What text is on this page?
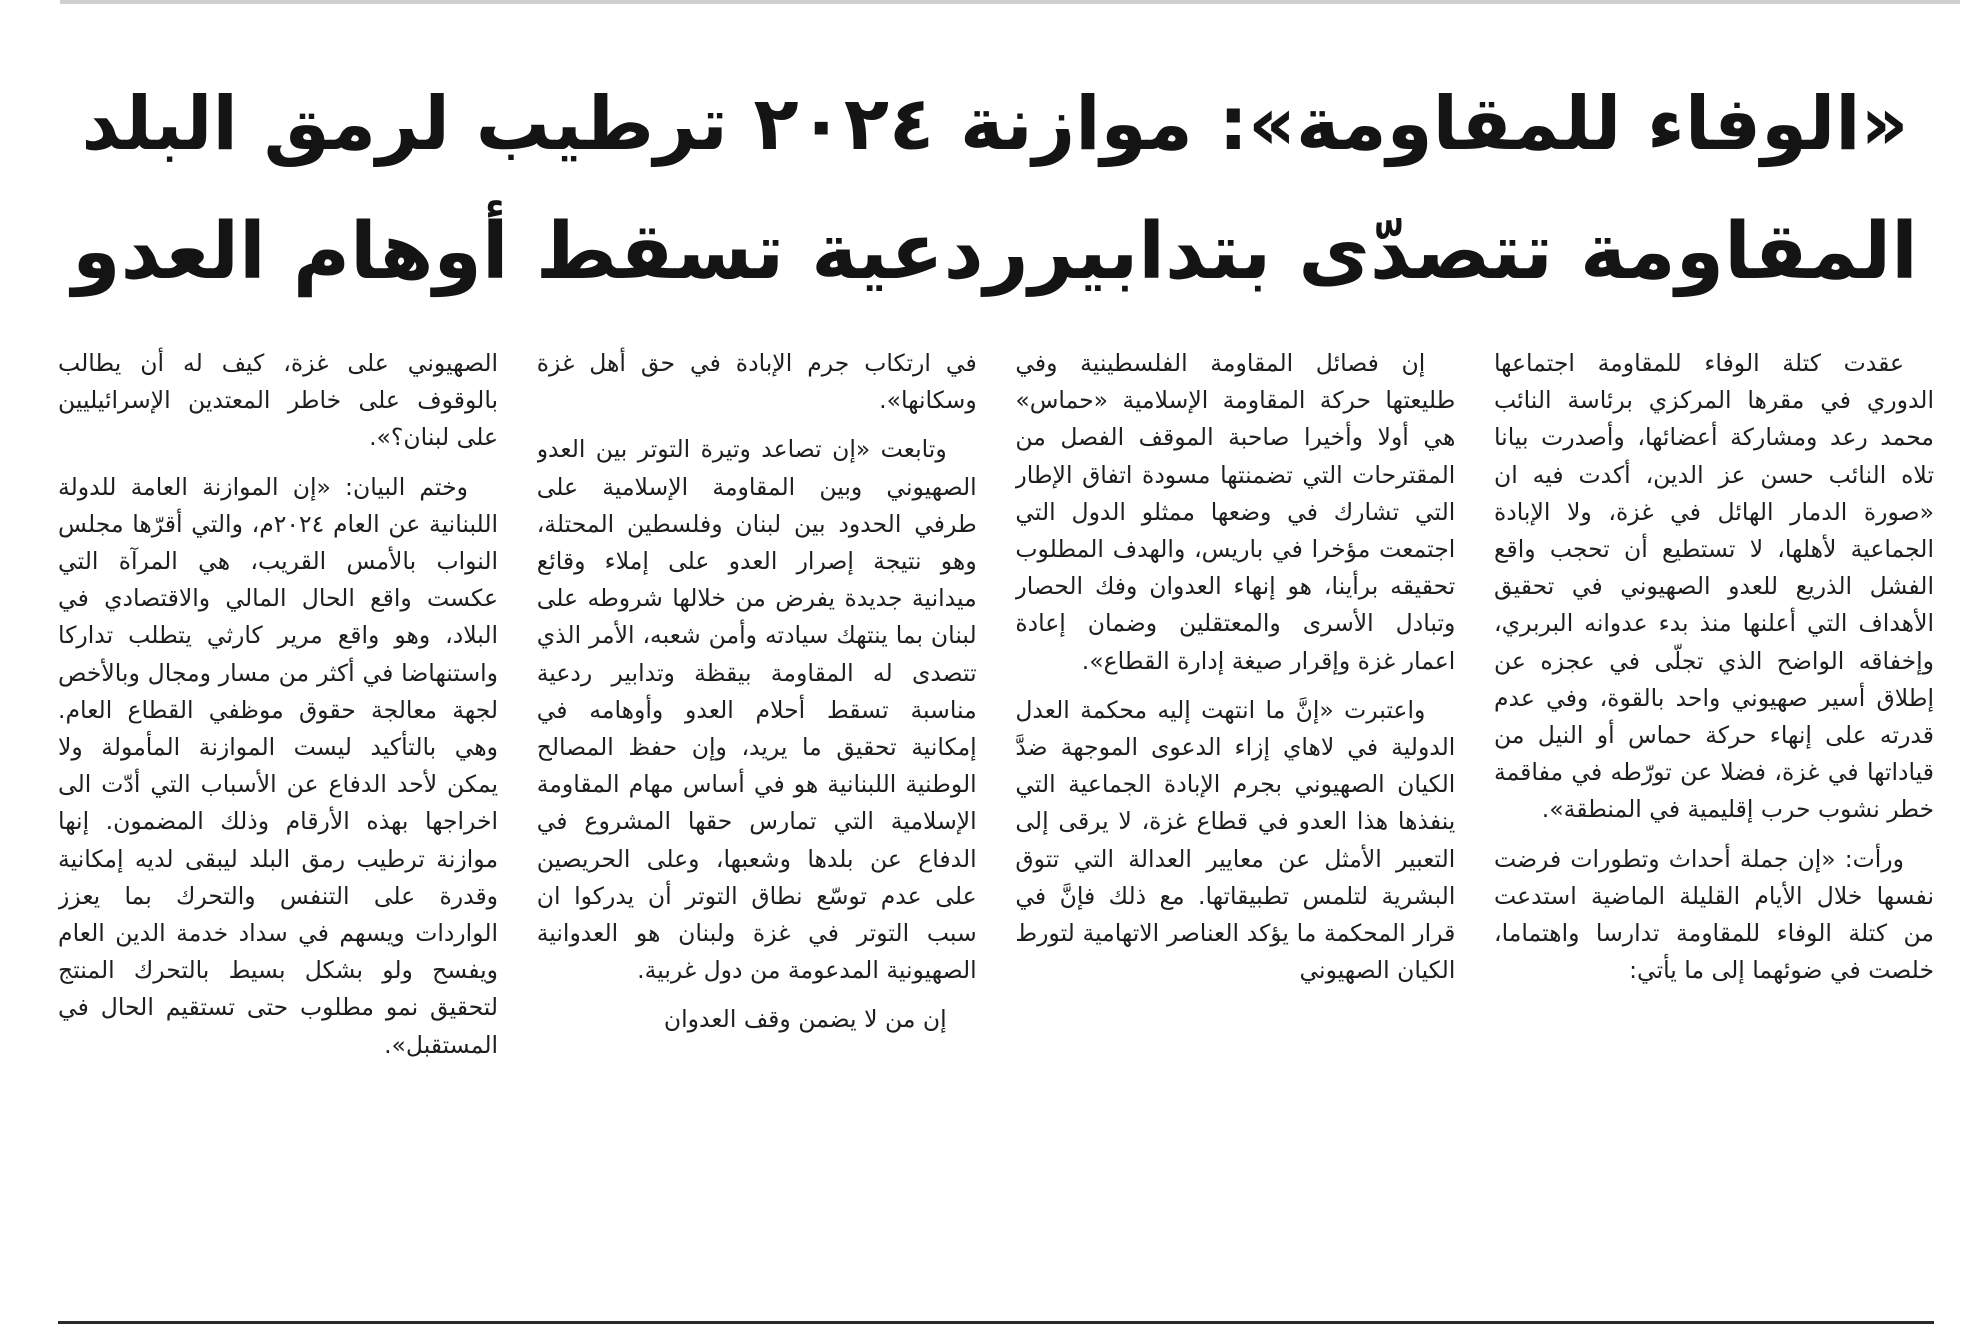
«الوفاء للمقاومة»: موازنة ٢٠٢٤ ترطيب لرمق البلد
المقاومة تتصدّى بتدابيرردعية تسقط أوهام العدو

عقدت كتلة الوفاء للمقاومة اجتماعها الدوري في مقرها المركزي برئاسة النائب محمد رعد ومشاركة أعضائها، وأصدرت بيانا تلاه النائب حسن عز الدين، أكدت فيه ان «صورة الدمار الهائل في غزة، ولا الإبادة الجماعية لأهلها، لا تستطيع أن تحجب واقع الفشل الذريع للعدو الصهيوني في تحقيق الأهداف التي أعلنها منذ بدء عدوانه البربري، وإخفاقه الواضح الذي تجلّى في عجزه عن إطلاق أسير صهيوني واحد بالقوة، وفي عدم قدرته على إنهاء حركة حماس أو النيل من قياداتها في غزة، فضلا عن تورّطه في مفاقمة خطر نشوب حرب إقليمية في المنطقة».

ورأت: «إن جملة أحداث وتطورات فرضت نفسها خلال الأيام القليلة الماضية استدعت من كتلة الوفاء للمقاومة تدارسا واهتماما، خلصت في ضوئهما إلى ما يأتي:

إن فصائل المقاومة الفلسطينية وفي طليعتها حركة المقاومة الإسلامية «حماس» هي أولا وأخيرا صاحبة الموقف الفصل من المقترحات التي تضمنتها مسودة اتفاق الإطار التي تشارك في وضعها ممثلو الدول التي اجتمعت مؤخرا في باريس، والهدف المطلوب تحقيقه برأينا، هو إنهاء العدوان وفك الحصار وتبادل الأسرى والمعتقلين وضمان إعادة اعمار غزة وإقرار صيغة إدارة القطاع».

واعتبرت «إنَّ ما انتهت إليه محكمة العدل الدولية في لاهاي إزاء الدعوى الموجهة ضدَّ الكيان الصهيوني بجرم الإبادة الجماعية التي ينفذها هذا العدو في قطاع غزة، لا يرقى إلى التعبير الأمثل عن معايير العدالة التي تتوق البشرية لتلمس تطبيقاتها. مع ذلك فإنَّ في قرار المحكمة ما يؤكد العناصر الاتهامية لتورط الكيان الصهيوني

في ارتكاب جرم الإبادة في حق أهل غزة وسكانها».

وتابعت «إن تصاعد وتيرة التوتر بين العدو الصهيوني وبين المقاومة الإسلامية على طرفي الحدود بين لبنان وفلسطين المحتلة، وهو نتيجة إصرار العدو على إملاء وقائع ميدانية جديدة يفرض من خلالها شروطه على لبنان بما ينتهك سيادته وأمن شعبه، الأمر الذي تتصدى له المقاومة بيقظة وتدابير ردعية مناسبة تسقط أحلام العدو وأوهامه في إمكانية تحقيق ما يريد، وإن حفظ المصالح الوطنية اللبنانية هو في أساس مهام المقاومة الإسلامية التي تمارس حقها المشروع في الدفاع عن بلدها وشعبها، وعلى الحريصين على عدم توسّع نطاق التوتر أن يدركوا ان سبب التوتر في غزة ولبنان هو العدوانية الصهيونية المدعومة من دول غربية.

إن من لا يضمن وقف العدوان

الصهيوني على غزة، كيف له أن يطالب بالوقوف على خاطر المعتدين الإسرائيليين على لبنان؟».

وختم البيان: «إن الموازنة العامة للدولة اللبنانية عن العام ٢٠٢٤م، والتي أقرّها مجلس النواب بالأمس القريب، هي المرآة التي عكست واقع الحال المالي والاقتصادي في البلاد، وهو واقع مرير كارثي يتطلب تداركا واستنهاضا في أكثر من مسار ومجال وبالأخص لجهة معالجة حقوق موظفي القطاع العام. وهي بالتأكيد ليست الموازنة المأمولة ولا يمكن لأحد الدفاع عن الأسباب التي أدّت الى اخراجها بهذه الأرقام وذلك المضمون. إنها موازنة ترطيب رمق البلد لیبقى لديه إمكانية وقدرة على التنفس والتحرك بما يعزز الواردات ويسهم في سداد خدمة الدين العام ويفسح ولو بشكل بسيط بالتحرك المنتج لتحقيق نمو مطلوب حتى تستقيم الحال في المستقبل».
